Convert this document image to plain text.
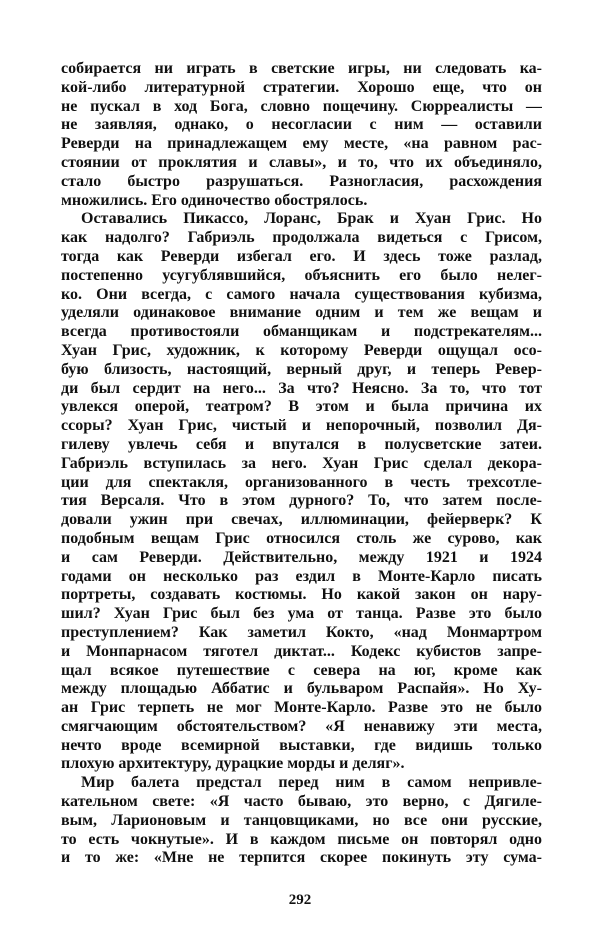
собирается ни играть в светские игры, ни следовать ка-
кой-либо литературной стратегии. Хорошо еще, что он
не пускал в ход Бога, словно пощечину. Сюрреалисты —
не заявляя, однако, о несогласии с ним — оставили
Реверди на принадлежащем ему месте, «на равном рас-
стоянии от проклятия и славы», и то, что их объединяло,
стало быстро разрушаться. Разногласия, расхождения
множились. Его одиночество обострялось.
Оставались Пикассо, Лоранс, Брак и Хуан Грис. Но
как надолго? Габриэль продолжала видеться с Грисом,
тогда как Реверди избегал его. И здесь тоже разлад,
постепенно усугублявшийся, объяснить его было нелег-
ко. Они всегда, с самого начала существования кубизма,
уделяли одинаковое внимание одним и тем же вещам и
всегда противостояли обманщикам и подстрекателям...
Хуан Грис, художник, к которому Реверди ощущал осо-
бую близость, настоящий, верный друг, и теперь Ревер-
ди был сердит на него... За что? Неясно. За то, что тот
увлекся оперой, театром? В этом и была причина их
ссоры? Хуан Грис, чистый и непорочный, позволил Дя-
гилеву увлечь себя и впутался в полусветские затеи.
Габриэль вступилась за него. Хуан Грис сделал декора-
ции для спектакля, организованного в честь трехсотле-
тия Версаля. Что в этом дурного? То, что затем после-
довали ужин при свечах, иллюминации, фейерверк? К
подобным вещам Грис относился столь же сурово, как
и сам Реверди. Действительно, между 1921 и 1924
годами он несколько раз ездил в Монте-Карло писать
портреты, создавать костюмы. Но какой закон он нару-
шил? Хуан Грис был без ума от танца. Разве это было
преступлением? Как заметил Кокто, «над Монмартром
и Монпарнасом тяготел диктат... Кодекс кубистов запре-
щал всякое путешествие с севера на юг, кроме как
между площадью Аббатис и бульваром Распайя». Но Ху-
ан Грис терпеть не мог Монте-Карло. Разве это не было
смягчающим обстоятельством? «Я ненавижу эти места,
нечто вроде всемирной выставки, где видишь только
плохую архитектуру, дурацкие морды и деляг».
Мир балета предстал перед ним в самом непривле-
кательном свете: «Я часто бываю, это верно, с Дягиле-
вым, Ларионовым и танцовщиками, но все они русские,
то есть чокнутые». И в каждом письме он повторял одно
и то же: «Мне не терпится скорее покинуть эту сума-
292
